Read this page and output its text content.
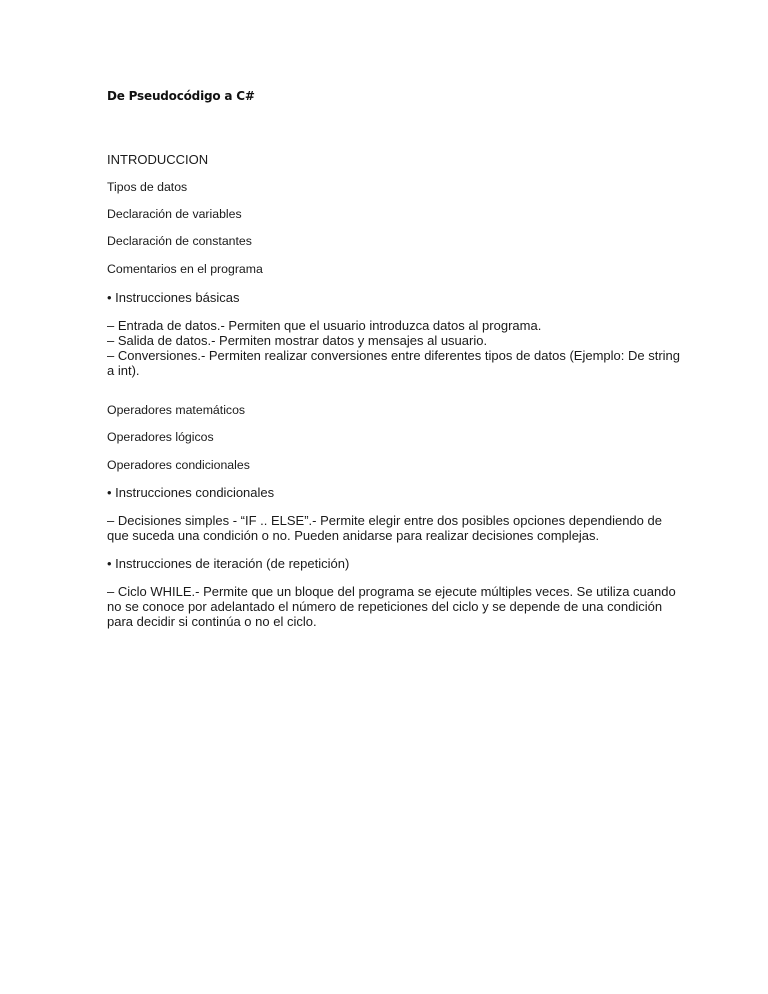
De Pseudocódigo a C#
INTRODUCCION
Tipos de datos
Declaración de variables
Declaración de constantes
Comentarios en el programa
• Instrucciones básicas
– Entrada de datos.- Permiten que el usuario introduzca datos al programa.
– Salida de datos.- Permiten mostrar datos y mensajes al usuario.
– Conversiones.- Permiten realizar conversiones entre diferentes tipos de datos (Ejemplo: De string
a int).
Operadores matemáticos
Operadores lógicos
Operadores condicionales
• Instrucciones condicionales
– Decisiones simples - “IF .. ELSE”.- Permite elegir entre dos posibles opciones dependiendo de
que suceda una condición o no. Pueden anidarse para realizar decisiones complejas.
• Instrucciones de iteración (de repetición)
– Ciclo WHILE.- Permite que un bloque del programa se ejecute múltiples veces. Se utiliza cuando
no se conoce por adelantado el número de repeticiones del ciclo y se depende de una condición
para decidir si continúa o no el ciclo.
